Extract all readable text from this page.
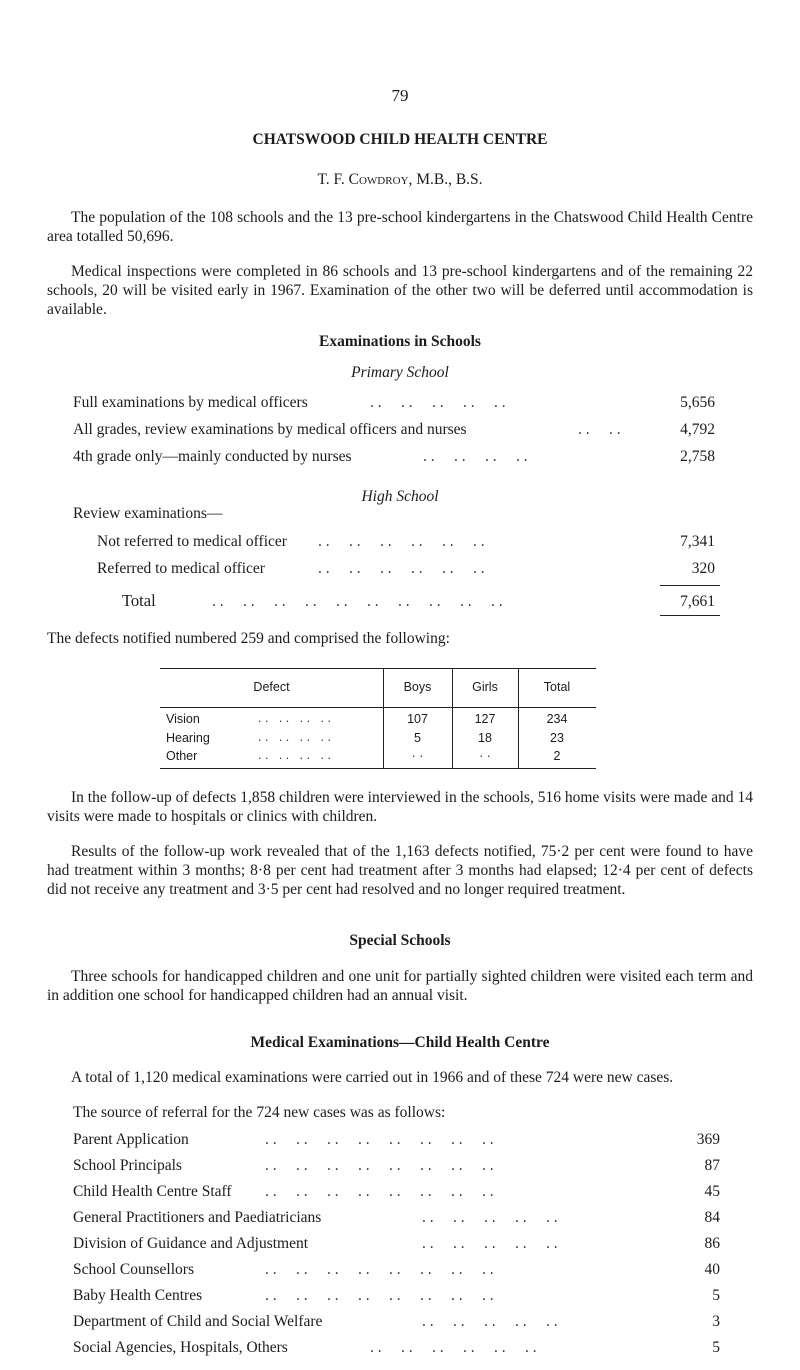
79
CHATSWOOD CHILD HEALTH CENTRE
T. F. Cowdroy, M.B., B.S.
The population of the 108 schools and the 13 pre-school kindergartens in the Chatswood Child Health Centre area totalled 50,696.
Medical inspections were completed in 86 schools and 13 pre-school kindergartens and of the remaining 22 schools, 20 will be visited early in 1967. Examination of the other two will be deferred until accommodation is available.
Examinations in Schools
Primary School
Full examinations by medical officers	. .     . .     . .     . .     . .	5,656
All grades, review examinations by medical officers and nurses	. .     . .	4,792
4th grade only—mainly conducted by nurses	. .     . .     . .     . .	2,758
High School
Review examinations—
Not referred to medical officer . .     . .     . .     . .     . .     . .	7,341
Referred to medical officer	. .     . .     . .     . .     . .     . .	320
Total	. .     . .     . .     . .     . .     . .     . .     . .     . .     . .	7,661
The defects notified numbered 259 and comprised the following:
Defect	Boys	Girls	Total
Vision	. .   . .   . .   . .	107	127	234
Hearing	. .   . .   . .   . .	5	18	23
Other	. .   . .   . .   . .	· ·	· ·	2
In the follow-up of defects 1,858 children were interviewed in the schools, 516 home visits were made and 14 visits were made to hospitals or clinics with children.
Results of the follow-up work revealed that of the 1,163 defects notified, 75·2 per cent were found to have had treatment within 3 months; 8·8 per cent had treatment after 3 months had elapsed; 12·4 per cent of defects did not receive any treatment and 3·5 per cent had resolved and no longer required treatment.
Special Schools
Three schools for handicapped children and one unit for partially sighted children were visited each term and in addition one school for handicapped children had an annual visit.
Medical Examinations—Child Health Centre
A total of 1,120 medical examinations were carried out in 1966 and of these 724 were new cases.
The source of referral for the 724 new cases was as follows:
Parent Application	. .     . .     . .     . .     . .     . .     . .     . .	369
School Principals	. .     . .     . .     . .     . .     . .     . .     . .	87
Child Health Centre Staff . .     . .     . .     . .     . .     . .     . .     . .	45
General Practitioners and Paediatricians	. .     . .     . .     . .     . .	84
Division of Guidance and Adjustment	. .     . .     . .     . .     . .	86
School Counsellors	. .     . .     . .     . .     . .     . .     . .     . .	40
Baby Health Centres	. .     . .     . .     . .     . .     . .     . .     . .	5
Department of Child and Social Welfare	. .     . .     . .     . .     . .	3
Social Agencies, Hospitals, Others	. .     . .     . .     . .     . .     . .	5
